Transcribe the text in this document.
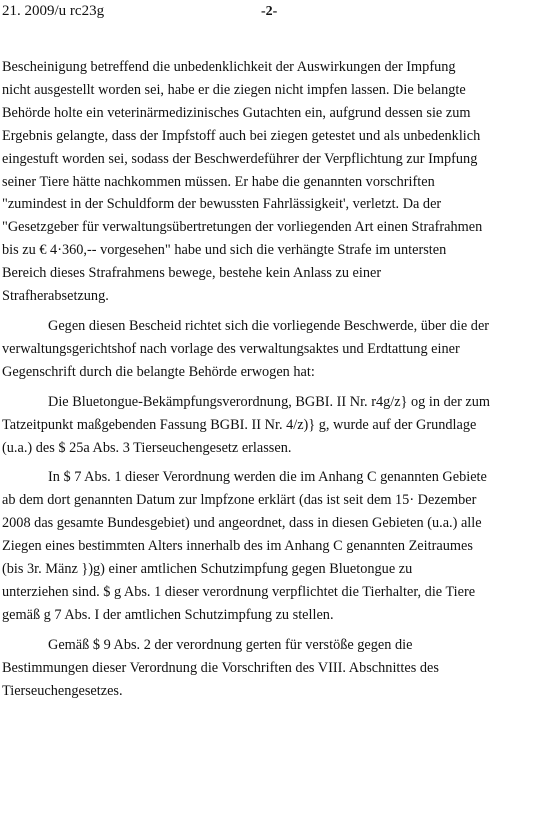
21. 2009/u rc23g	-2-
Bescheinigung betreffend die unbedenklichkeit der Auswirkungen der Impfung
nicht ausgestellt worden sei, habe er die ziegen nicht impfen lassen. Die belangte
Behörde holte ein veterinärmedizinisches Gutachten ein, aufgrund dessen sie zum
Ergebnis gelangte, dass der Impfstoff auch bei ziegen getestet und als unbedenklich
eingestuft worden sei, sodass der Beschwerdeführer der Verpflichtung zur Impfung
seiner Tiere hätte nachkommen müssen. Er habe die genannten vorschriften
"zumindest in der Schuldform der bewussten Fahrlässigkeit', verletzt. Da der
"Gesetzgeber für verwaltungsübertretungen der vorliegenden Art einen Strafrahmen
bis zu € 4·360,-- vorgesehen" habe und sich die verhängte Strafe im untersten
Bereich dieses Strafrahmens bewege, bestehe kein Anlass zu einer
Strafherabsetzung.
Gegen diesen Bescheid richtet sich die vorliegende Beschwerde, über die der
verwaltungsgerichtshof nach vorlage des verwaltungsaktes und Erdtattung einer
Gegenschrift durch die belangte Behörde erwogen hat:
Die Bluetongue-Bekämpfungsverordnung, BGBI. II Nr. r4g/z} og in der zum
Tatzeitpunkt maßgebenden Fassung BGBI. II Nr. 4/z)} g, wurde auf der Grundlage
(u.a.) des $ 25a Abs. 3 Tierseuchengesetz erlassen.
In $ 7 Abs. 1 dieser Verordnung werden die im Anhang C genannten Gebiete
ab dem dort genannten Datum zur lmpfzone erklärt (das ist seit dem 15· Dezember
2008 das gesamte Bundesgebiet) und angeordnet, dass in diesen Gebieten (u.a.) alle
Ziegen eines bestimmten Alters innerhalb des im Anhang C genannten Zeitraumes
(bis 3r. Mänz })g) einer amtlichen Schutzimpfung gegen Bluetongue zu
unterziehen sind. $ g Abs. 1 dieser verordnung verpflichtet die Tierhalter, die Tiere
gemäß g 7 Abs. I der amtlichen Schutzimpfung zu stellen.
Gemäß $ 9 Abs. 2 der verordnung gerten für verstöße gegen die
Bestimmungen dieser Verordnung die Vorschriften des VIII. Abschnittes des
Tierseuchengesetzes.
